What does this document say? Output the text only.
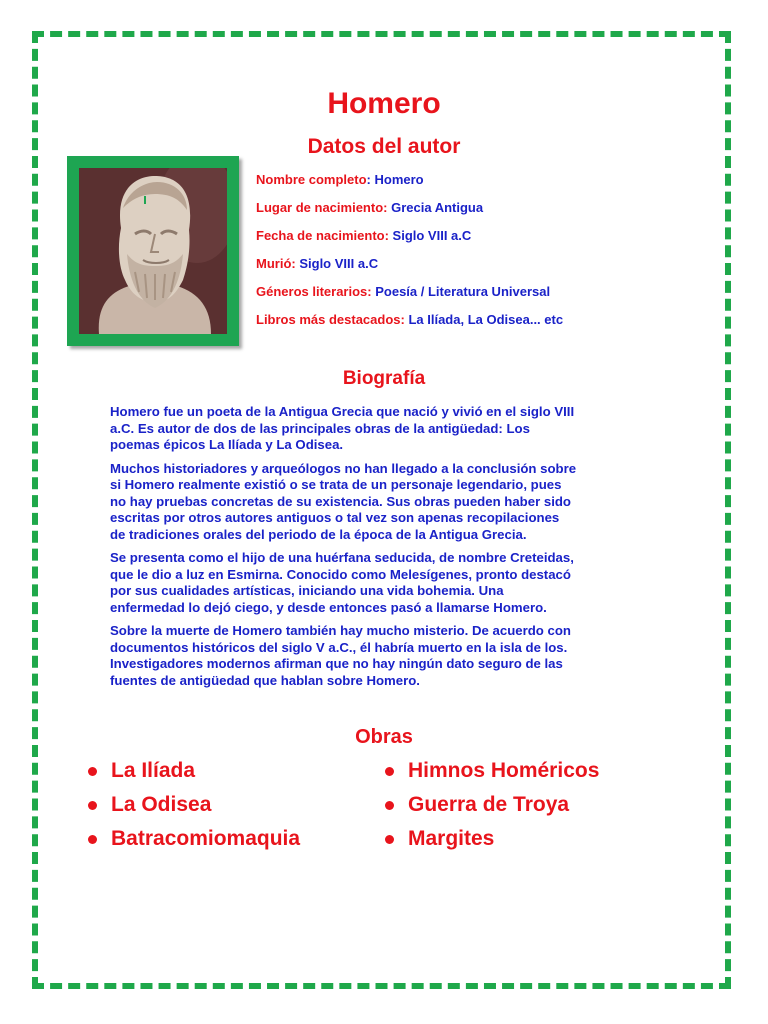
Homero
Datos del autor
Nombre completo: Homero
Lugar de nacimiento: Grecia Antigua
Fecha de nacimiento: Siglo VIII a.C
Murió: Siglo VIII a.C
Géneros literarios: Poesía / Literatura Universal
Libros más destacados: La Ilíada, La Odisea... etc
Biografía

Homero fue un poeta de la Antigua Grecia que nació y vivió en el siglo VIII
a.C. Es autor de dos de las principales obras de la antigüedad: Los
poemas épicos La Ilíada y La Odisea.

Muchos historiadores y arqueólogos no han llegado a la conclusión sobre
si Homero realmente existió o se trata de un personaje legendario, pues
no hay pruebas concretas de su existencia. Sus obras pueden haber sido
escritas por otros autores antiguos o tal vez son apenas recopilaciones
de tradiciones orales del periodo de la época de la Antigua Grecia.

Se presenta como el hijo de una huérfana seducida, de nombre Creteidas,
que le dio a luz en Esmirna. Conocido como Melesígenes, pronto destacó
por sus cualidades artísticas, iniciando una vida bohemia. Una
enfermedad lo dejó ciego, y desde entonces pasó a llamarse Homero.

Sobre la muerte de Homero también hay mucho misterio. De acuerdo con
documentos históricos del siglo V a.C., él habría muerto en la isla de los.
Investigadores modernos afirman que no hay ningún dato seguro de las
fuentes de antigüedad que hablan sobre Homero.

Obras
La Ilíada
La Odisea
Batracomiomaquia
Himnos Homéricos
Guerra de Troya
Margites
